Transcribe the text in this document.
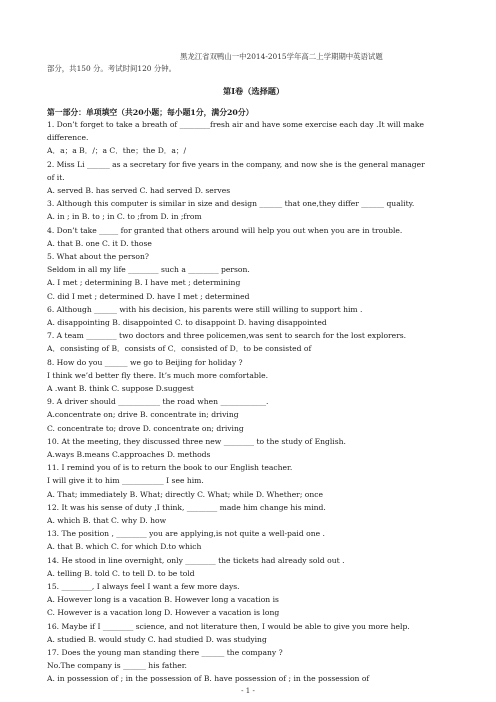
黑龙江省双鸭山一中2014-2015学年高二上学期期中英语试题
部分，共150 分。考试时间120 分钟。
第Ⅰ卷（选择题）
第一部分：单项填空（共20小题；每小题1分，满分20分）
1. Don’t forget to take a breath of ________fresh air and have some exercise each day .It will make
difference.
A．a；a B．/；a C．the；the D．a；/
2. Miss Li ______ as a secretary for five years in the company, and now she is the general manager
of it.
A. served B. has served C. had served D. serves
3. Although this computer is similar in size and design ______ that one,they differ ______ quality.
A. in ; in B. to ; in C. to ;from D. in ;from
4. Don’t take _____ for granted that others around will help you out when you are in trouble.
A. that B. one C. it D. those
5. What about the person?
Seldom in all my life ________ such a ________ person.
A. I met ; determining B. I have met ; determining
C. did I met ; determined D. have I met ; determined
6. Although ______ with his decision, his parents were still willing to support him .
A. disappointing B. disappointed C. to disappoint D. having disappointed
7. A team ________ two doctors and three policemen,was sent to search for the lost explorers.
A．consisting of B．consists of C．consisted of D．to be consisted of
8. How do you ______ we go to Beijing for holiday ?
I think we’d better fly there. It’s much more comfortable.
A .want B. think C. suppose D.suggest
9. A driver should ___________ the road when ____________.
A.concentrate on; drive B. concentrate in; driving
C. concentrate to; drove D. concentrate on; driving
10. At the meeting, they discussed three new ________ to the study of English.
A.ways B.means C.approaches D. methods
11. I remind you of is to return the book to our English teacher.
I will give it to him ___________ I see him.
A. That; immediately B. What; directly C. What; while D. Whether; once
12. It was his sense of duty ,I think, ________ made him change his mind.
A. which B. that C. why D. how
13. The position , ________ you are applying,is not quite a well-paid one .
A. that B. which C. for which D.to which
14. He stood in line overnight, only ________ the tickets had already sold out .
A. telling B. told C. to tell D. to be told
15. ________, I always feel I want a few more days.
A. However long is a vacation B. However long a vacation is
C. However is a vacation long D. However a vacation is long
16. Maybe if I ________ science, and not literature then, I would be able to give you more help.
A. studied B. would study C. had studied D. was studying
17. Does the young man standing there ______ the company ?
No.The company is ______ his father.
A. in possession of ; in the possession of B. have possession of ; in the possession of
- 1 -
